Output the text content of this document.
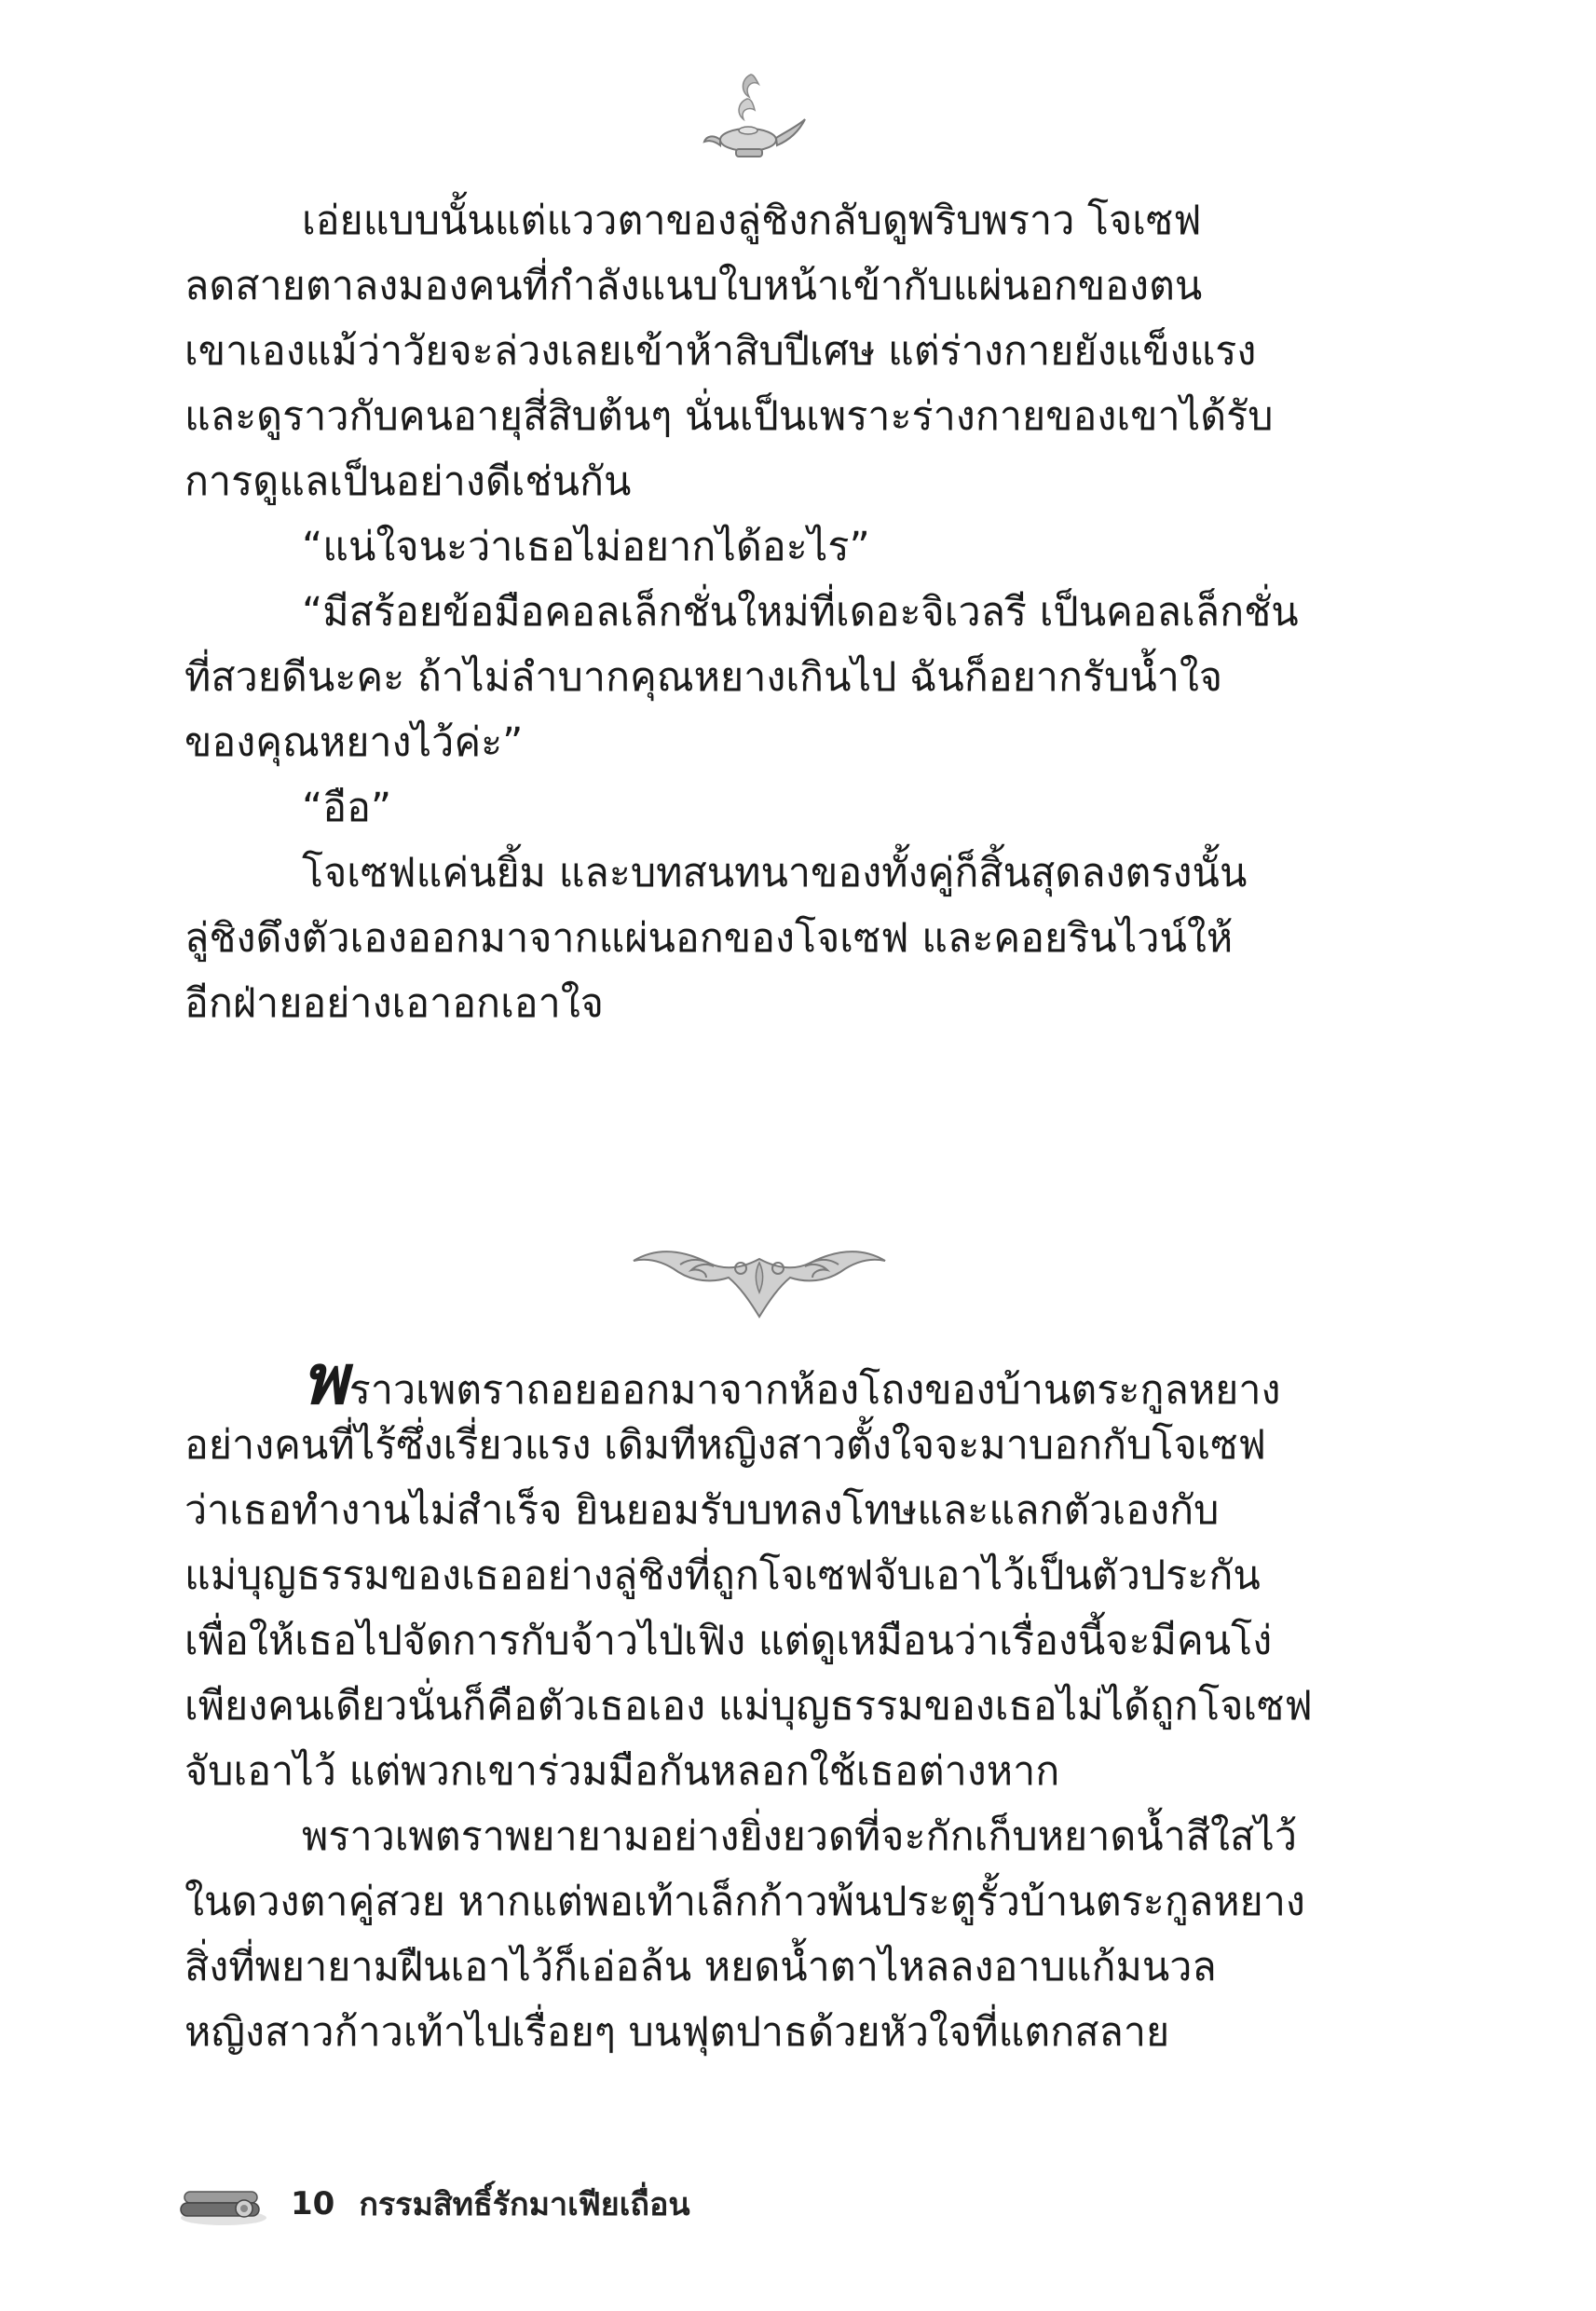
เอ่ยแบบนั้นแต่แววตาของลู่ชิงกลับดูพริบพราว โจเซฟ
ลดสายตาลงมองคนที่กำลังแนบใบหน้าเข้ากับแผ่นอกของตน
เขาเองแม้ว่าวัยจะล่วงเลยเข้าห้าสิบปีเศษ แต่ร่างกายยังแข็งแรง
และดูราวกับคนอายุสี่สิบต้นๆ นั่นเป็นเพราะร่างกายของเขาได้รับ
การดูแลเป็นอย่างดีเช่นกัน
“แน่ใจนะว่าเธอไม่อยากได้อะไร”
“มีสร้อยข้อมือคอลเล็กชั่นใหม่ที่เดอะจิเวลรี เป็นคอลเล็กชั่น
ที่สวยดีนะคะ ถ้าไม่ลำบากคุณหยางเกินไป ฉันก็อยากรับน้ำใจ
ของคุณหยางไว้ค่ะ”
“อือ”
โจเซฟแค่นยิ้ม และบทสนทนาของทั้งคู่ก็สิ้นสุดลงตรงนั้น
ลู่ชิงดึงตัวเองออกมาจากแผ่นอกของโจเซฟ และคอยรินไวน์ให้
อีกฝ่ายอย่างเอาอกเอาใจ
พราวเพตราถอยออกมาจากห้องโถงของบ้านตระกูลหยาง
อย่างคนที่ไร้ซึ่งเรี่ยวแรง เดิมทีหญิงสาวตั้งใจจะมาบอกกับโจเซฟ
ว่าเธอทำงานไม่สำเร็จ ยินยอมรับบทลงโทษและแลกตัวเองกับ
แม่บุญธรรมของเธออย่างลู่ชิงที่ถูกโจเซฟจับเอาไว้เป็นตัวประกัน
เพื่อให้เธอไปจัดการกับจ้าวไป่เฟิง แต่ดูเหมือนว่าเรื่องนี้จะมีคนโง่
เพียงคนเดียวนั่นก็คือตัวเธอเอง แม่บุญธรรมของเธอไม่ได้ถูกโจเซฟ
จับเอาไว้ แต่พวกเขาร่วมมือกันหลอกใช้เธอต่างหาก
พราวเพตราพยายามอย่างยิ่งยวดที่จะกักเก็บหยาดน้ำสีใสไว้
ในดวงตาคู่สวย หากแต่พอเท้าเล็กก้าวพ้นประตูรั้วบ้านตระกูลหยาง
สิ่งที่พยายามฝืนเอาไว้ก็เอ่อล้น หยดน้ำตาไหลลงอาบแก้มนวล
หญิงสาวก้าวเท้าไปเรื่อยๆ บนฟุตปาธด้วยหัวใจที่แตกสลาย
10 กรรมสิทธิ์รักมาเฟียเถื่อน
